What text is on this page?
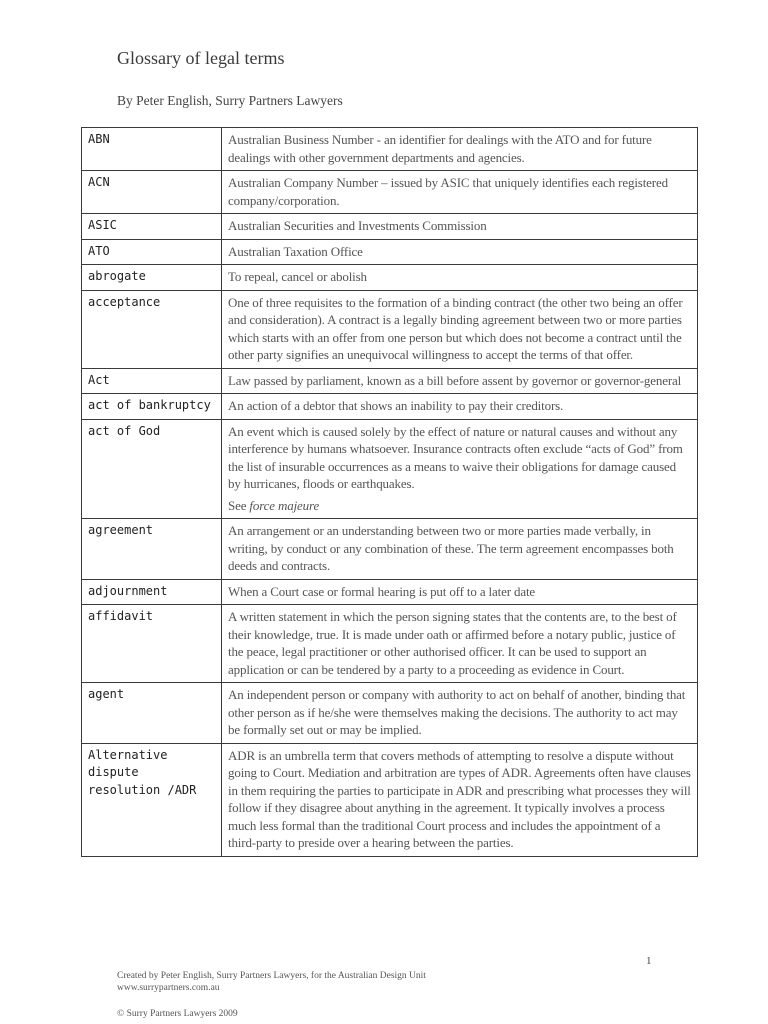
Glossary of legal terms
By Peter English, Surry Partners Lawyers
ABN	Australian Business Number - an identifier for dealings with the ATO and for future dealings with other government departments and agencies.
ACN	Australian Company Number – issued by ASIC that uniquely identifies each registered company/corporation.
ASIC	Australian Securities and Investments Commission
ATO	Australian Taxation Office
abrogate	To repeal, cancel or abolish
acceptance	One of three requisites to the formation of a binding contract (the other two being an offer and consideration). A contract is a legally binding agreement between two or more parties which starts with an offer from one person but which does not become a contract until the other party signifies an unequivocal willingness to accept the terms of that offer.
Act	Law passed by parliament, known as a bill before assent by governor or governor-general
act of bankruptcy	An action of a debtor that shows an inability to pay their creditors.
act of God	An event which is caused solely by the effect of nature or natural causes and without any interference by humans whatsoever. Insurance contracts often exclude “acts of God” from the list of insurable occurrences as a means to waive their obligations for damage caused by hurricanes, floods or earthquakes.
See force majeure

agreement	An arrangement or an understanding between two or more parties made verbally, in writing, by conduct or any combination of these. The term agreement encompasses both deeds and contracts.
adjournment	When a Court case or formal hearing is put off to a later date
affidavit	A written statement in which the person signing states that the contents are, to the best of their knowledge, true. It is made under oath or affirmed before a notary public, justice of the peace, legal practitioner or other authorised officer. It can be used to support an application or can be tendered by a party to a proceeding as evidence in Court.
agent	An independent person or company with authority to act on behalf of another, binding that other person as if he/she were themselves making the decisions. The authority to act may be formally set out or may be implied.
Alternative dispute resolution /ADR	ADR is an umbrella term that covers methods of attempting to resolve a dispute without going to Court. Mediation and arbitration are types of ADR. Agreements often have clauses in them requiring the parties to participate in ADR and prescribing what processes they will follow if they disagree about anything in the agreement. It typically involves a process much less formal than the traditional Court process and includes the appointment of a third-party to preside over a hearing between the parties.
1
Created by Peter English, Surry Partners Lawyers, for the Australian Design Unit
www.surrypartners.com.au
© Surry Partners Lawyers 2009
